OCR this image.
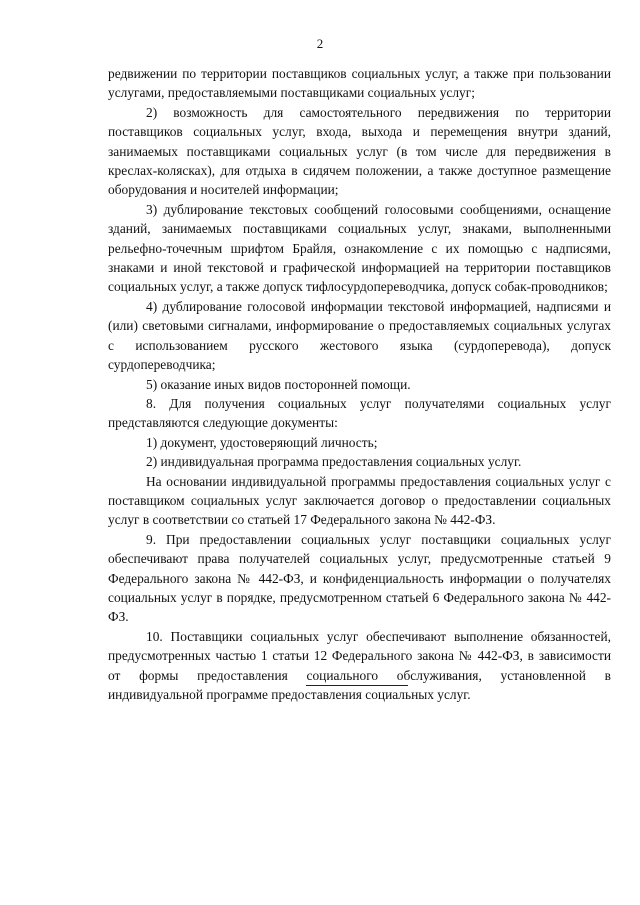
2

редвижении по территории поставщиков социальных услуг, а также при пользовании услугами, предоставляемыми поставщиками социальных услуг;

2) возможность для самостоятельного передвижения по территории поставщиков социальных услуг, входа, выхода и перемещения внутри зданий, занимаемых поставщиками социальных услуг (в том числе для передвижения в креслах-колясках), для отдыха в сидячем положении, а также доступное размещение оборудования и носителей информации;

3) дублирование текстовых сообщений голосовыми сообщениями, оснащение зданий, занимаемых поставщиками социальных услуг, знаками, выполненными рельефно-точечным шрифтом Брайля, ознакомление с их помощью с надписями, знаками и иной текстовой и графической информацией на территории поставщиков социальных услуг, а также допуск тифлосурдопереводчика, допуск собак-проводников;

4) дублирование голосовой информации текстовой информацией, надписями и (или) световыми сигналами, информирование о предоставляемых социальных услугах с использованием русского жестового языка (сурдоперевода), допуск сурдопереводчика;

5) оказание иных видов посторонней помощи.

8. Для получения социальных услуг получателями социальных услуг представляются следующие документы:

1) документ, удостоверяющий личность;

2) индивидуальная программа предоставления социальных услуг.

На основании индивидуальной программы предоставления социальных услуг с поставщиком социальных услуг заключается договор о предоставлении социальных услуг в соответствии со статьей 17 Федерального закона № 442-ФЗ.

9. При предоставлении социальных услуг поставщики социальных услуг обеспечивают права получателей социальных услуг, предусмотренные статьей 9 Федерального закона № 442-ФЗ, и конфиденциальность информации о получателях социальных услуг в порядке, предусмотренном статьей 6 Федерального закона № 442-ФЗ.

10. Поставщики социальных услуг обеспечивают выполнение обязанностей, предусмотренных частью 1 статьи 12 Федерального закона № 442-ФЗ, в зависимости от формы предоставления социального обслуживания, установленной в индивидуальной программе предоставления социальных услуг.
